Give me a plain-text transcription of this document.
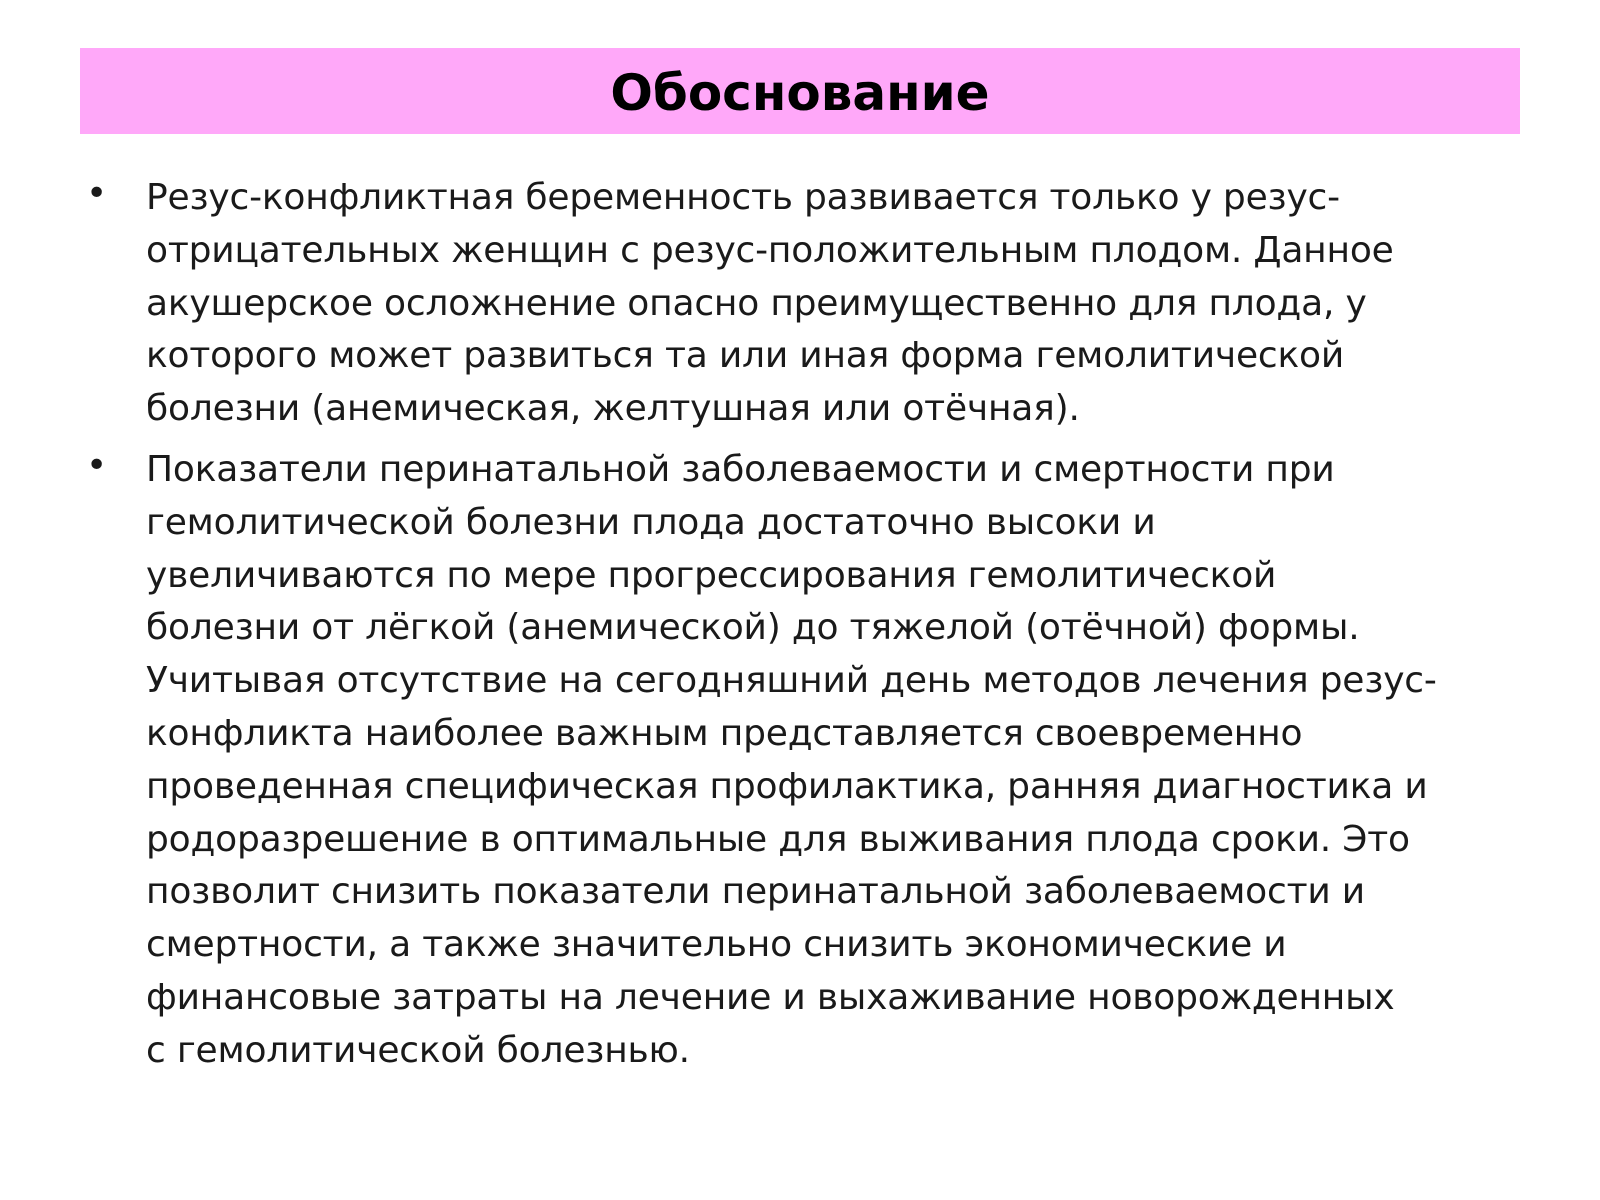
Обоснование
• Резус-конфликтная беременность развивается только у резус-
отрицательных женщин с резус-положительным плодом. Данное
акушерское осложнение опасно преимущественно для плода, у
которого может развиться та или иная форма гемолитической
болезни (анемическая, желтушная или отёчная).
• Показатели перинатальной заболеваемости и смертности при
гемолитической болезни плода достаточно высоки и
увеличиваются по мере прогрессирования гемолитической
болезни от лёгкой (анемической) до тяжелой (отёчной) формы.
Учитывая отсутствие на сегодняшний день методов лечения резус-
конфликта наиболее важным представляется своевременно
проведенная специфическая профилактика, ранняя диагностика и
родоразрешение в оптимальные для выживания плода сроки. Это
позволит снизить показатели перинатальной заболеваемости и
смертности, а также значительно снизить экономические и
финансовые затраты на лечение и выхаживание новорожденных
с гемолитической болезнью.
